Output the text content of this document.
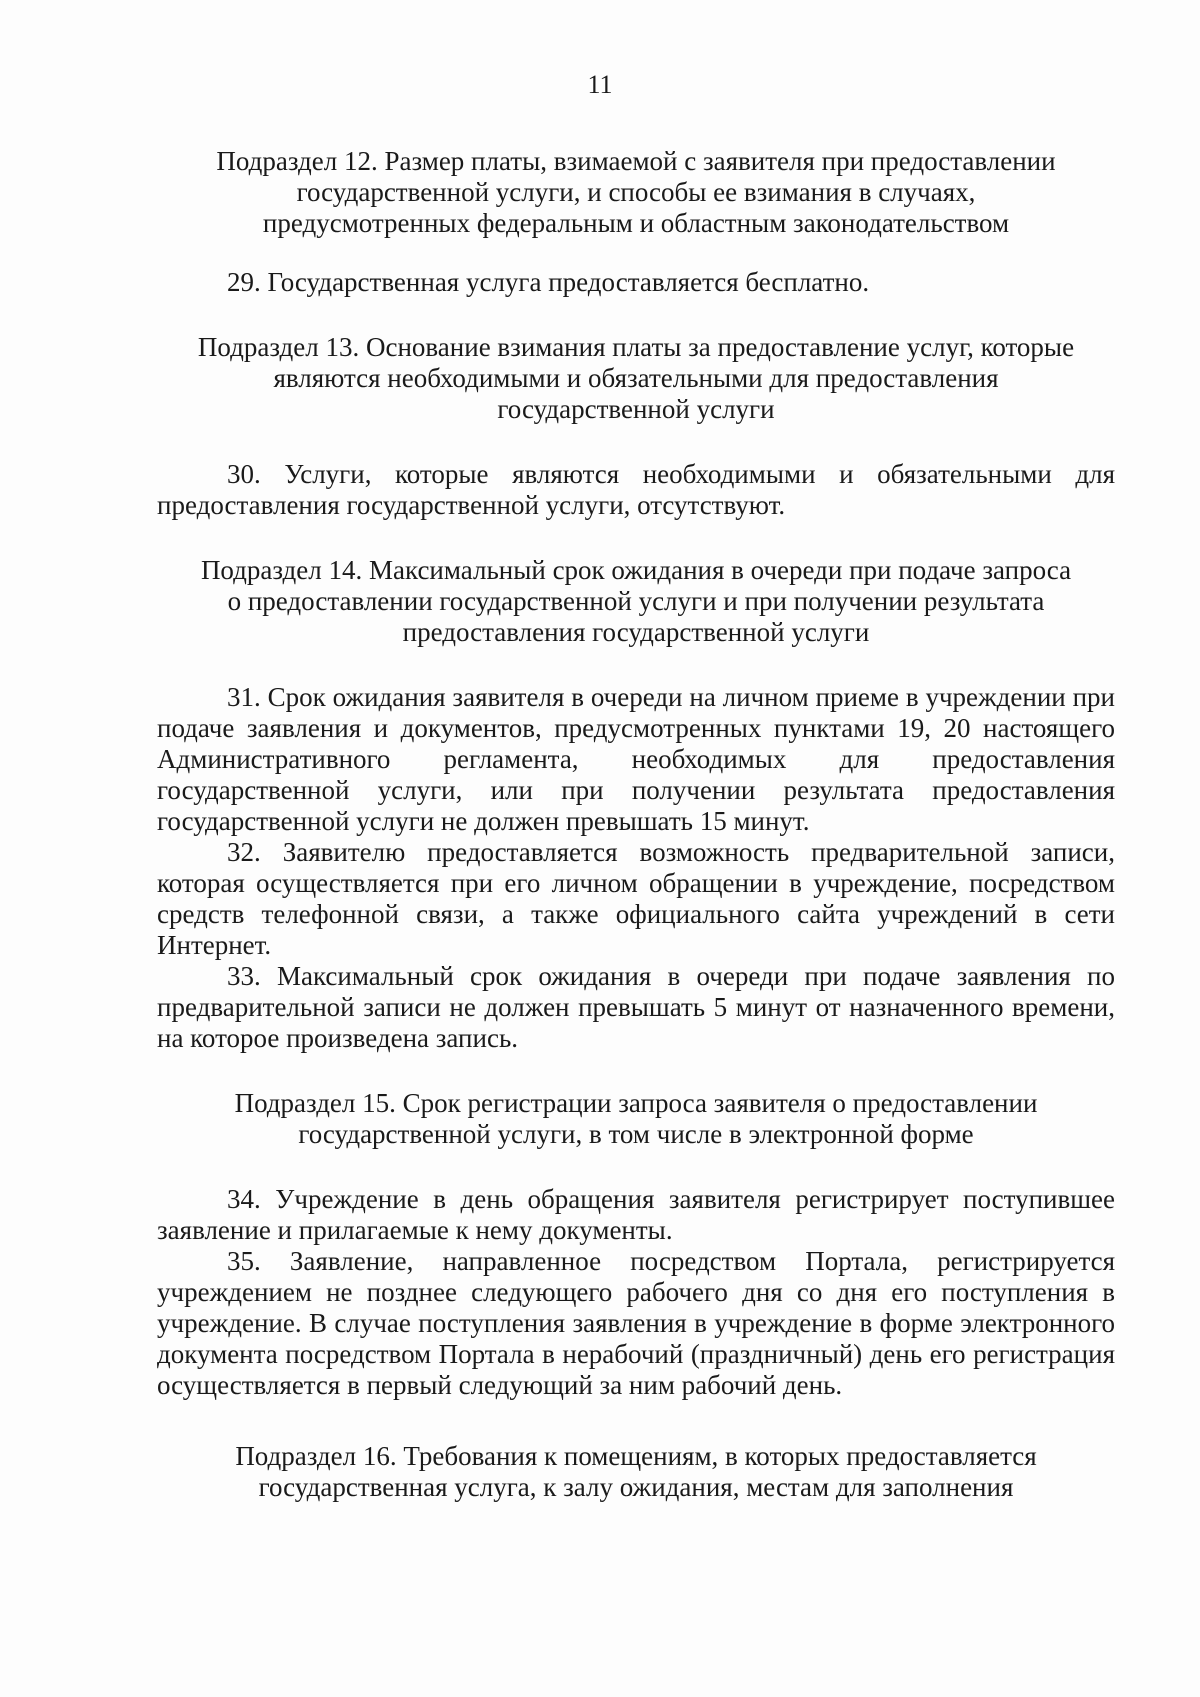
11

Подраздел 12. Размер платы, взимаемой с заявителя при предоставлении государственной услуги, и способы ее взимания в случаях, предусмотренных федеральным и областным законодательством

29. Государственная услуга предоставляется бесплатно.

Подраздел 13. Основание взимания платы за предоставление услуг, которые являются необходимыми и обязательными для предоставления государственной услуги

30. Услуги, которые являются необходимыми и обязательными для предоставления государственной услуги, отсутствуют.

Подраздел 14. Максимальный срок ожидания в очереди при подаче запроса о предоставлении государственной услуги и при получении результата предоставления государственной услуги

31. Срок ожидания заявителя в очереди на личном приеме в учреждении при подаче заявления и документов, предусмотренных пунктами 19, 20 настоящего Административного регламента, необходимых для предоставления государственной услуги, или при получении результата предоставления государственной услуги не должен превышать 15 минут.

32. Заявителю предоставляется возможность предварительной записи, которая осуществляется при его личном обращении в учреждение, посредством средств телефонной связи, а также официального сайта учреждений в сети Интернет.

33. Максимальный срок ожидания в очереди при подаче заявления по предварительной записи не должен превышать 5 минут от назначенного времени, на которое произведена запись.

Подраздел 15. Срок регистрации запроса заявителя о предоставлении государственной услуги, в том числе в электронной форме

34. Учреждение в день обращения заявителя регистрирует поступившее заявление и прилагаемые к нему документы.

35. Заявление, направленное посредством Портала, регистрируется учреждением не позднее следующего рабочего дня со дня его поступления в учреждение. В случае поступления заявления в учреждение в форме электронного документа посредством Портала в нерабочий (праздничный) день его регистрация осуществляется в первый следующий за ним рабочий день.

Подраздел 16. Требования к помещениям, в которых предоставляется государственная услуга, к залу ожидания, местам для заполнения
